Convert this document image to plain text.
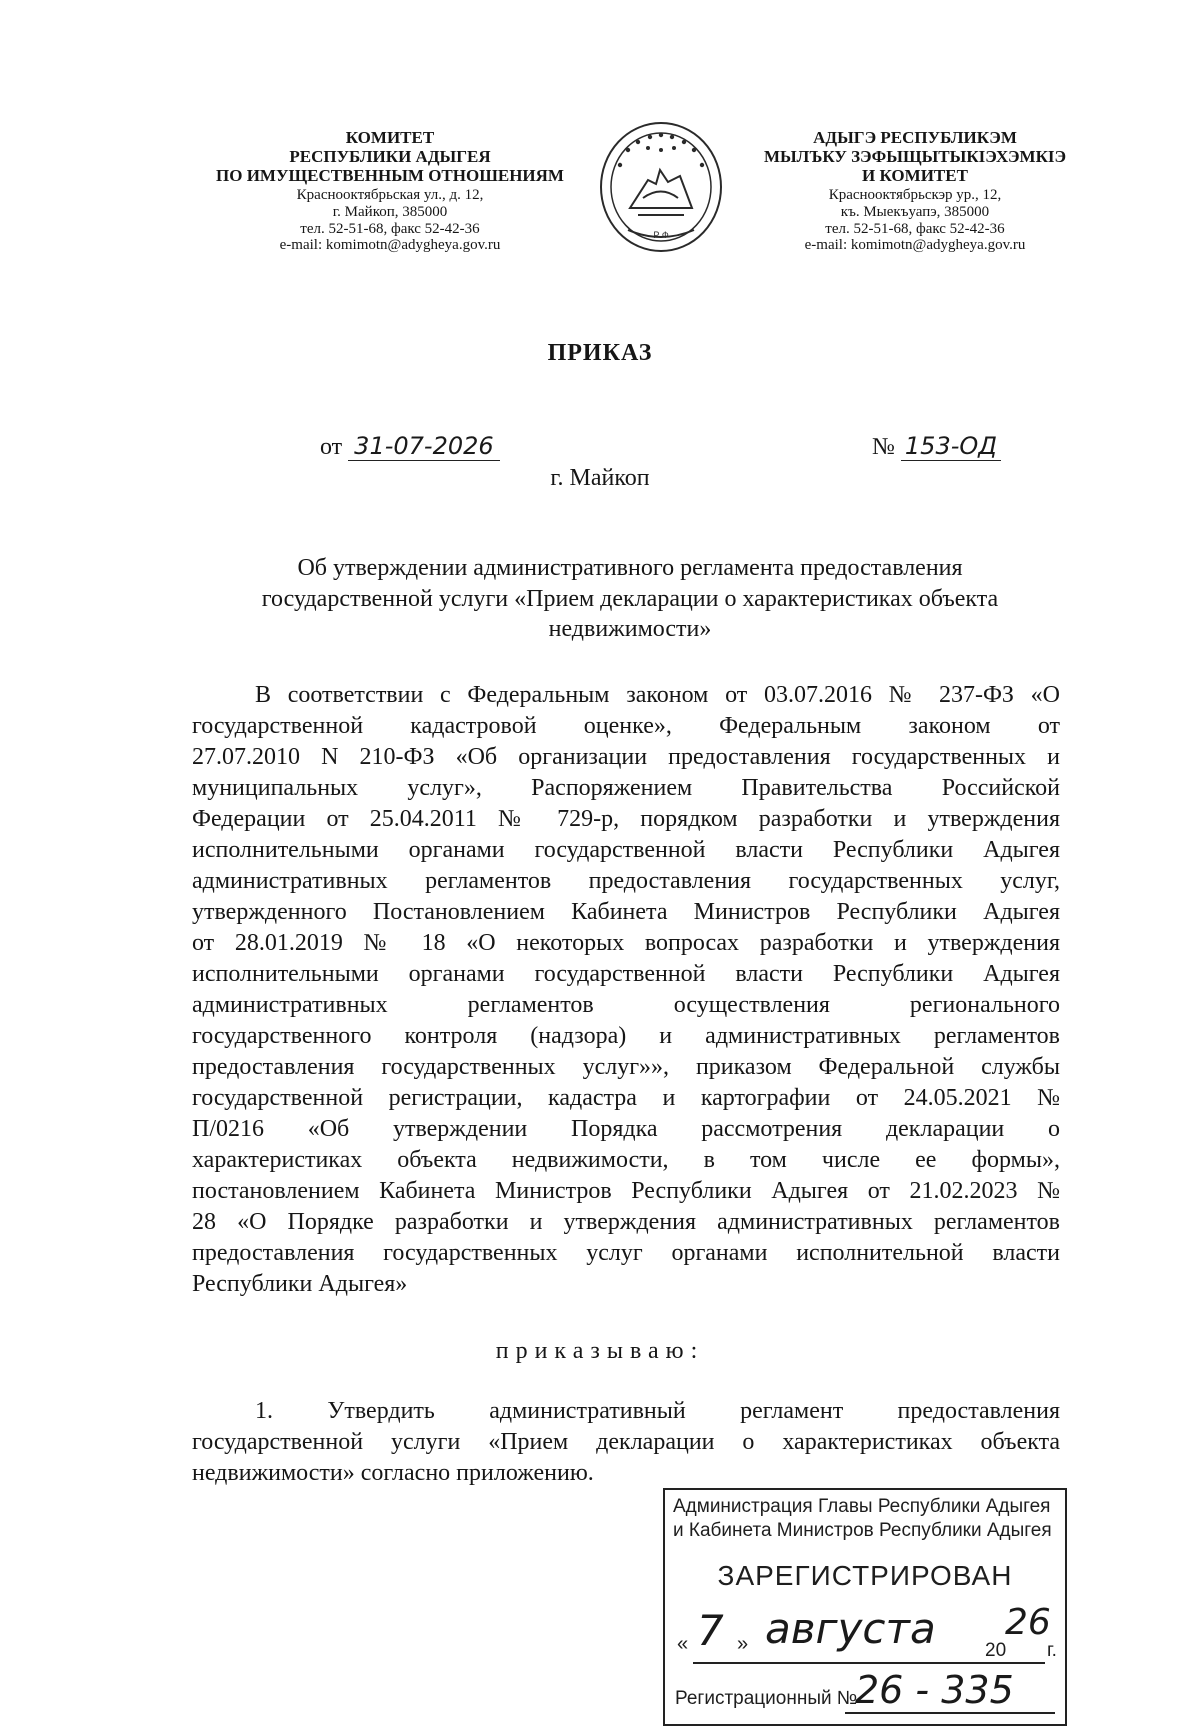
КОМИТЕТ
РЕСПУБЛИКИ АДЫГЕЯ
ПО ИМУЩЕСТВЕННЫМ ОТНОШЕНИЯМ
Краснооктябрьская ул., д. 12,
г. Майкоп, 385000
тел. 52-51-68, факс 52-42-36
e-mail: komimotn@adygheya.gov.ru
Р Ф
АДЫГЭ РЕСПУБЛИКЭМ
МЫЛЪКУ ЗЭФЫЩЫТЫКІЭХЭМКІЭ
И КОМИТЕТ
Краснооктябрьскэр ур., 12,
къ. Мыекъуапэ, 385000
тел. 52-51-68, факс 52-42-36
e-mail: komimotn@adygheya.gov.ru
ПРИКАЗ
от 31-07-2026	№ 153-ОД
г. Майкоп
Об утверждении административного регламента предоставления
государственной услуги «Прием декларации о характеристиках объекта
недвижимости»
В соответствии с Федеральным законом от 03.07.2016 № 237-ФЗ «О
государственной кадастровой оценке», Федеральным законом от
27.07.2010 N 210-ФЗ «Об организации предоставления государственных и
муниципальных услуг», Распоряжением Правительства Российской
Федерации от 25.04.2011 № 729-р, порядком разработки и утверждения
исполнительными органами государственной власти Республики Адыгея
административных регламентов предоставления государственных услуг,
утвержденного Постановлением Кабинета Министров Республики Адыгея
от 28.01.2019 № 18 «О некоторых вопросах разработки и утверждения
исполнительными органами государственной власти Республики Адыгея
административных регламентов осуществления регионального
государственного контроля (надзора) и административных регламентов
предоставления государственных услуг»», приказом Федеральной службы
государственной регистрации, кадастра и картографии от 24.05.2021 №
П/0216 «Об утверждении Порядка рассмотрения декларации о
характеристиках объекта недвижимости, в том числе ее формы»,
постановлением Кабинета Министров Республики Адыгея от 21.02.2023 №
28 «О Порядке разработки и утверждения административных регламентов
предоставления государственных услуг органами исполнительной власти
Республики Адыгея»
приказываю:
1. Утвердить административный регламент предоставления
государственной услуги «Прием декларации о характеристиках объекта
недвижимости» согласно приложению.
Администрация Главы Республики Адыгея
и Кабинета Министров Республики Адыгея
ЗАРЕГИСТРИРОВАН
« 7 » августа	20
26
г.
Регистрационный №
26 - 335
